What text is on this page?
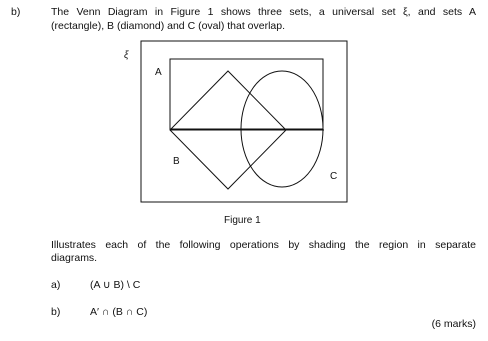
b)	The Venn Diagram in Figure 1 shows three sets, a universal set ξ, and sets A
(rectangle), B (diamond) and C (oval) that overlap.
ξ
A
B
C
Figure 1
Illustrates each of the following operations by shading the region in separate
diagrams.
a)	(A ∪ B) \ C
b)	A′ ∩ (B ∩ C)
(6 marks)
